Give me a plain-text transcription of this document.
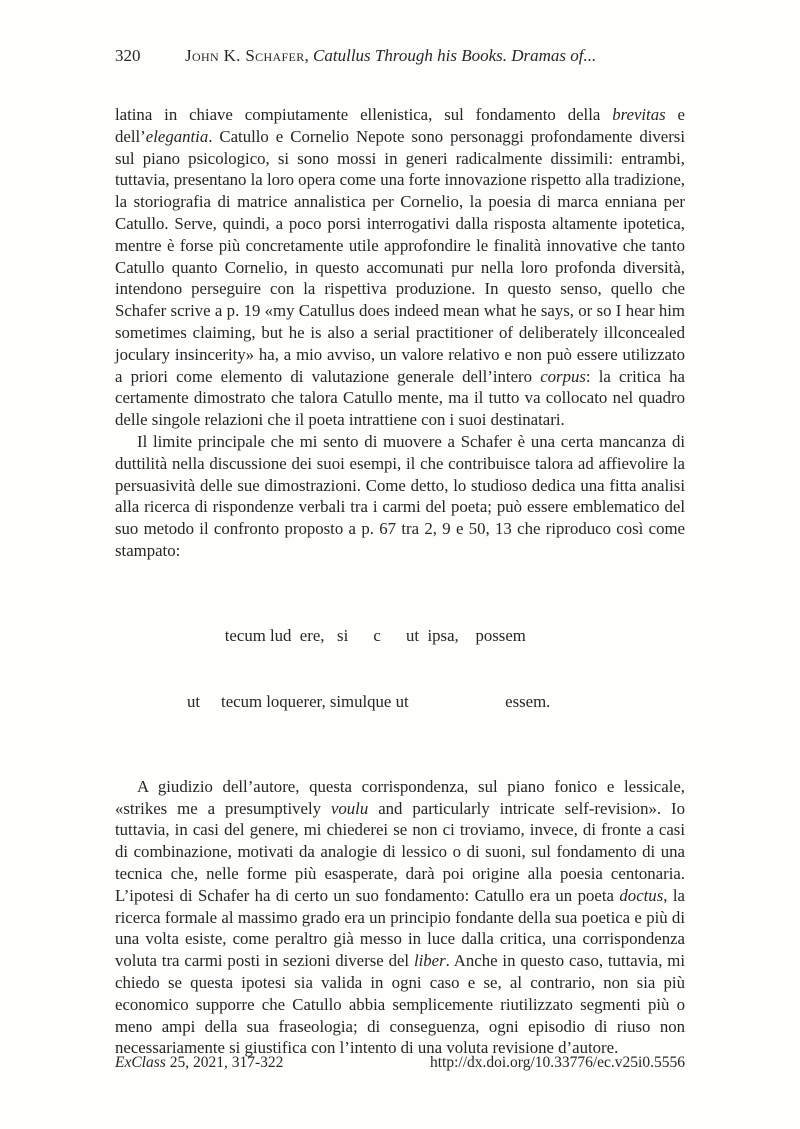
320	John K. Schafer, Catullus Through his Books. Dramas of...

latina in chiave compiutamente ellenistica, sul fondamento della brevitas e dell’elegantia. Catullo e Cornelio Nepote sono personaggi profondamente diversi sul piano psicologico, si sono mossi in generi radicalmente dissimili: entrambi, tuttavia, presentano la loro opera come una forte innovazione rispetto alla tradizione, la storiografia di matrice annalistica per Cornelio, la poesia di marca enniana per Catullo. Serve, quindi, a poco porsi interrogativi dalla risposta altamente ipotetica, mentre è forse più concretamente utile approfondire le finalità innovative che tanto Catullo quanto Cornelio, in questo accomunati pur nella loro profonda diversità, intendono perseguire con la rispettiva produzione. In questo senso, quello che Schafer scrive a p. 19 «my Catullus does indeed mean what he says, or so I hear him sometimes claiming, but he is also a serial practitioner of deliberately illconcealed joculary insincerity» ha, a mio avviso, un valore relativo e non può essere utilizzato a priori come elemento di valutazione generale dell’intero corpus: la critica ha certamente dimostrato che talora Catullo mente, ma il tutto va collocato nel quadro delle singole relazioni che il poeta intrattiene con i suoi destinatari.

Il limite principale che mi sento di muovere a Schafer è una certa mancanza di duttilità nella discussione dei suoi esempi, il che contribuisce talora ad affievolire la persuasività delle sue dimostrazioni. Come detto, lo studioso dedica una fitta analisi alla ricerca di rispondenze verbali tra i carmi del poeta; può essere emblematico del suo metodo il confronto proposto a p. 67 tra 2, 9 e 50, 13 che riproduco così come stampato:

tecum lud  ere,   si      c      ut  ipsa,    possem

ut     tecum loquerer, simulque ut                       essem.

A giudizio dell’autore, questa corrispondenza, sul piano fonico e lessicale, «strikes me a presumptively voulu and particularly intricate self-revision». Io tuttavia, in casi del genere, mi chiederei se non ci troviamo, invece, di fronte a casi di combinazione, motivati da analogie di lessico o di suoni, sul fondamento di una tecnica che, nelle forme più esasperate, darà poi origine alla poesia centonaria. L’ipotesi di Schafer ha di certo un suo fondamento: Catullo era un poeta doctus, la ricerca formale al massimo grado era un principio fondante della sua poetica e più di una volta esiste, come peraltro già messo in luce dalla critica, una corrispondenza voluta tra carmi posti in sezioni diverse del liber. Anche in questo caso, tuttavia, mi chiedo se questa ipotesi sia valida in ogni caso e se, al contrario, non sia più economico supporre che Catullo abbia semplicemente riutilizzato segmenti più o meno ampi della sua fraseologia; di conseguenza, ogni episodio di riuso non necessariamente si giustifica con l’intento di una voluta revisione d’autore.

ExClass 25, 2021, 317-322	http://dx.doi.org/10.33776/ec.v25i0.5556
